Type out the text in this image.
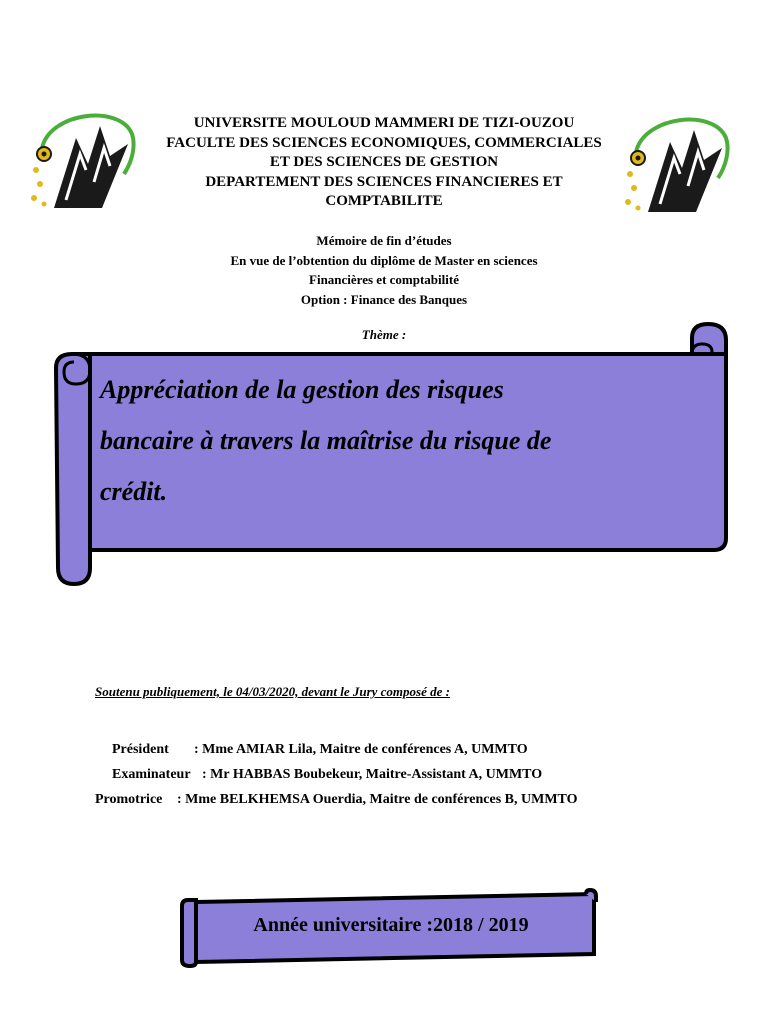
UNIVERSITE MOULOUD MAMMERI DE TIZI-OUZOU
FACULTE DES SCIENCES ECONOMIQUES, COMMERCIALES
ET DES SCIENCES DE GESTION
DEPARTEMENT DES SCIENCES FINANCIERES ET
COMPTABILITE
Mémoire de fin d’études
En vue de l’obtention du diplôme de Master en sciences
Financières et comptabilité
Option : Finance des Banques
Thème :
Appréciation de la gestion des risques
bancaire à travers la maîtrise du risque de
crédit.
Soutenu publiquement, le 04/03/2020, devant le Jury composé de :
Président : Mme AMIAR Lila, Maitre de conférences A, UMMTO
Examinateur : Mr HABBAS Boubekeur, Maitre-Assistant A, UMMTO
Promotrice : Mme BELKHEMSA Ouerdia, Maitre de conférences B, UMMTO
Année universitaire :2018 / 2019
